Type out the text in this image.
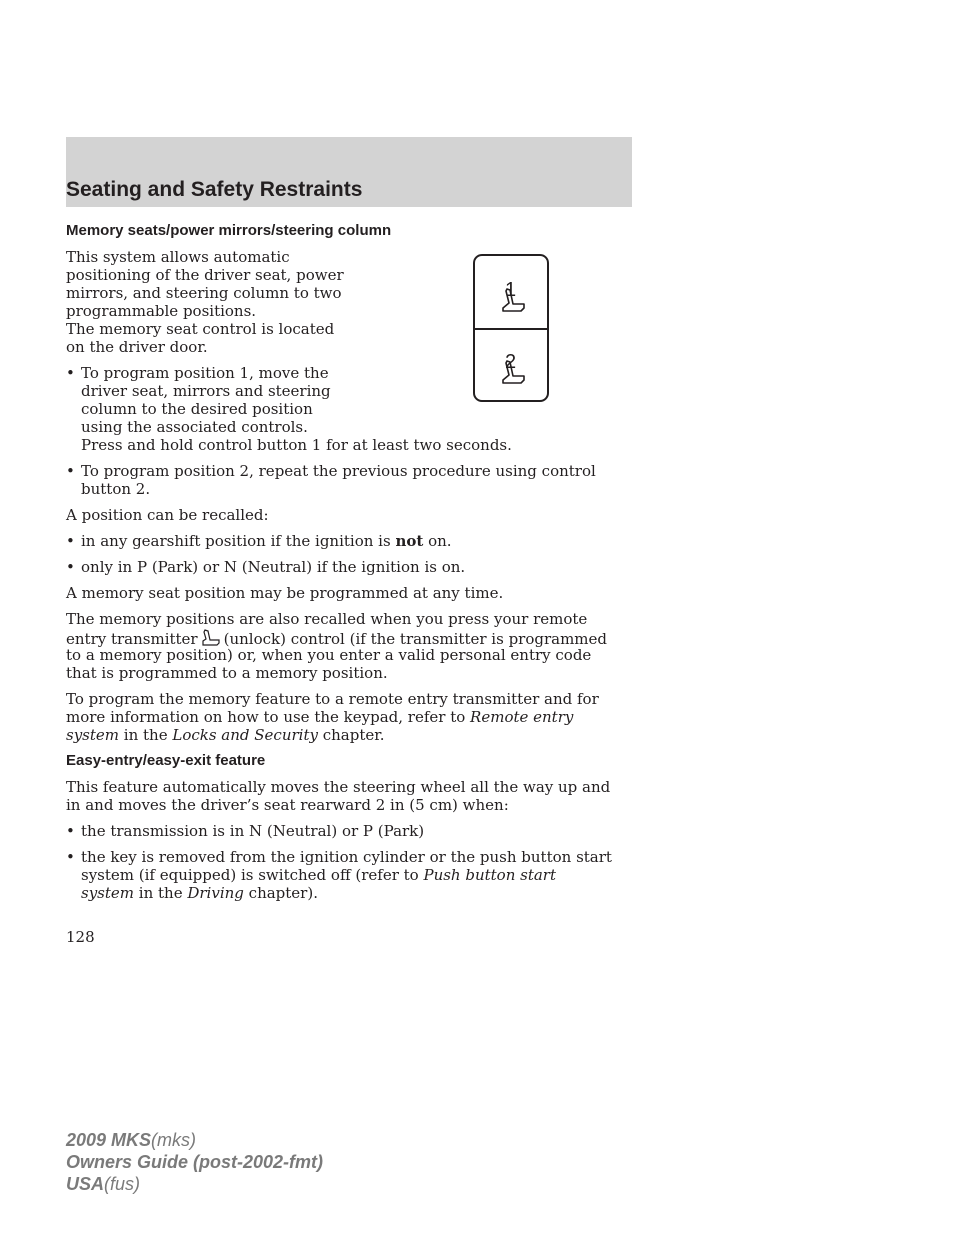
Seating and Safety Restraints
Memory seats/power mirrors/steering column
This system allows automatic
positioning of the driver seat, power
mirrors, and steering column to two
programmable positions.
The memory seat control is located
on the driver door.
• To program position 1, move the
driver seat, mirrors and steering
column to the desired position
using the associated controls.
Press and hold control button 1 for at least two seconds.
• To program position 2, repeat the previous procedure using control
button 2.
A position can be recalled:
• in any gearshift position if the ignition is not on.
• only in P (Park) or N (Neutral) if the ignition is on.
A memory seat position may be programmed at any time.
The memory positions are also recalled when you press your remote
entry transmitter (unlock) control (if the transmitter is programmed
to a memory position) or, when you enter a valid personal entry code
that is programmed to a memory position.
To program the memory feature to a remote entry transmitter and for
more information on how to use the keypad, refer to Remote entry
system in the Locks and Security chapter.
Easy-entry/easy-exit feature
This feature automatically moves the steering wheel all the way up and
in and moves the driver’s seat rearward 2 in (5 cm) when:
• the transmission is in N (Neutral) or P (Park)
• the key is removed from the ignition cylinder or the push button start
system (if equipped) is switched off (refer to Push button start
system in the Driving chapter).
1
2
128
2009 MKS(mks)
Owners Guide (post-2002-fmt)
USA(fus)
